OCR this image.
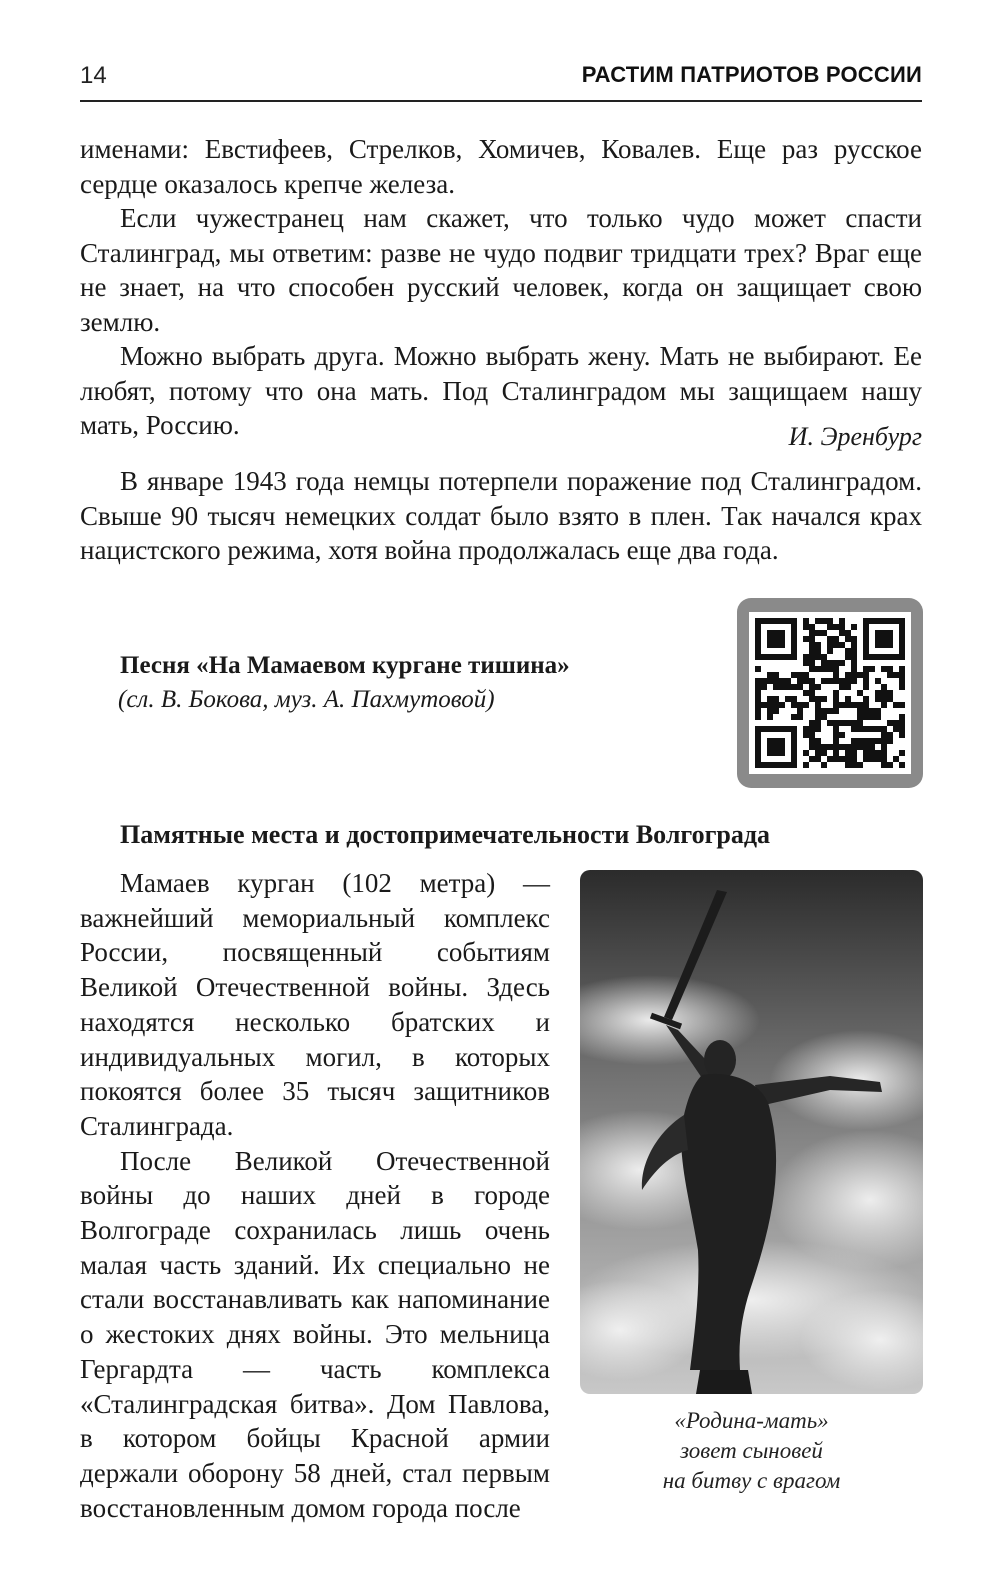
14	РАСТИМ ПАТРИОТОВ РОССИИ

именами: Евстифеев, Стрелков, Хомичев, Ковалев. Еще раз русское сердце оказалось крепче железа.

Если чужестранец нам скажет, что только чудо может спасти Сталинград, мы ответим: разве не чудо подвиг тридцати трех? Враг еще не знает, на что способен русский человек, когда он защищает свою землю.

Можно выбрать друга. Можно выбрать жену. Мать не выбирают. Ее любят, потому что она мать. Под Сталинградом мы защищаем нашу мать, Россию.	И. Эренбург
В январе 1943 года немцы потерпели поражение под Сталинградом. Свыше 90 тысяч немецких солдат было взято в плен. Так начался крах нацистского режима, хотя война продолжалась еще два года.
Песня «На Мамаевом кургане тишина»
(сл. В. Бокова, муз. А. Пахмутовой)
Памятные места и достопримечательности Волгограда

Мамаев курган (102 метра) — важнейший мемориальный комплекс России, посвященный событиям Великой Отечественной войны. Здесь находятся несколько братских и индивидуальных могил, в которых покоятся более 35 тысяч защитников Сталинграда.

После Великой Отечественной войны до наших дней в городе Волгограде сохранилась лишь очень малая часть зданий. Их специально не стали восстанавливать как напоминание о жестоких днях войны. Это мельница Гергардта — часть комплекса «Сталинградская битва». Дом Павлова, в котором бойцы Красной армии держали оборону 58 дней, стал первым восстановленным домом города после

«Родина-мать»
зовет сыновей
на битву с врагом
